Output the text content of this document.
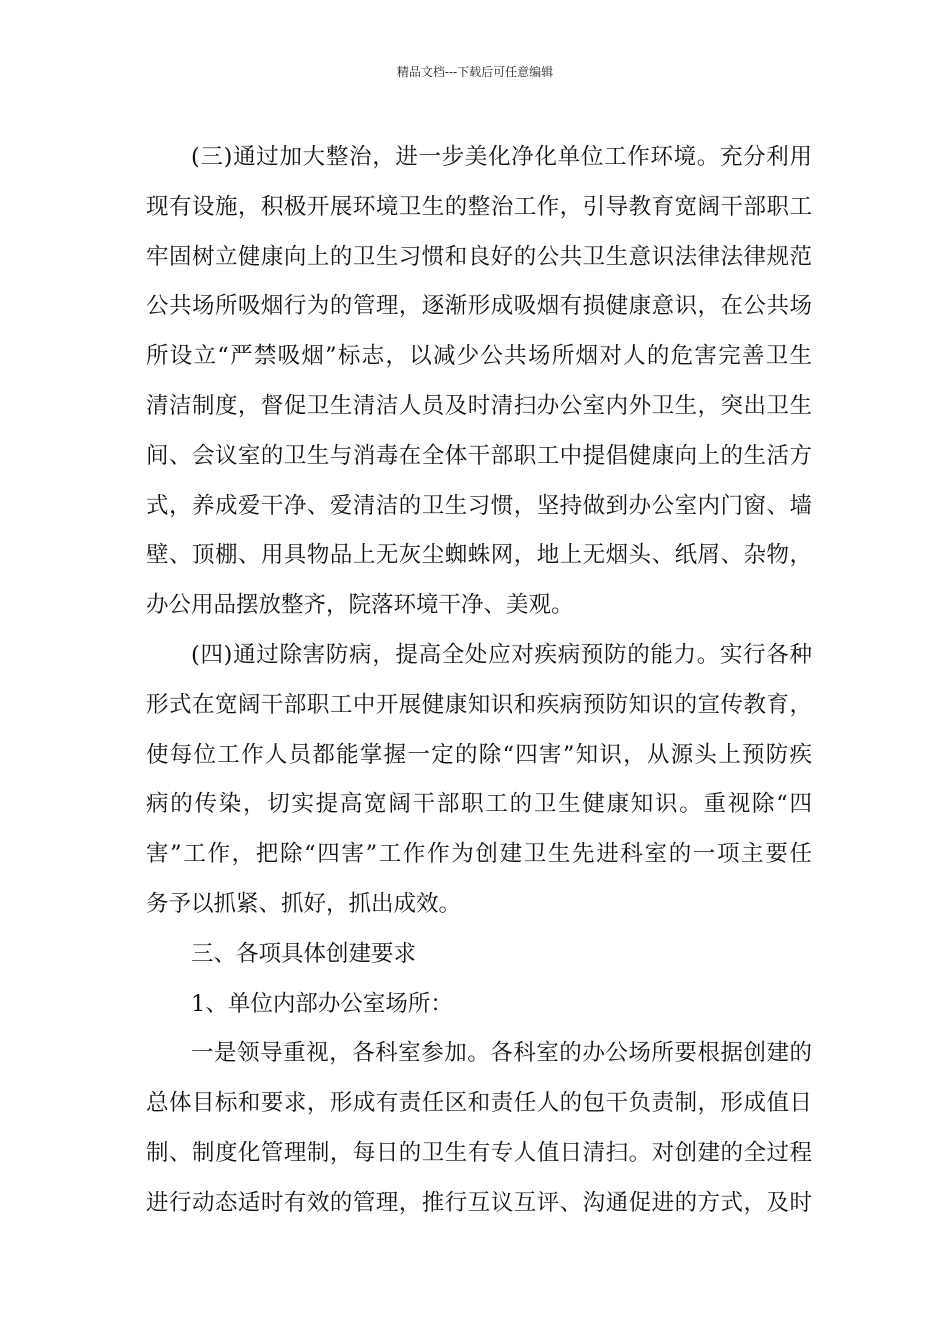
精品文档---下载后可任意编辑
(三)通过加大整治，进一步美化净化单位工作环境。充分利用
现有设施，积极开展环境卫生的整治工作，引导教育宽阔干部职工
牢固树立健康向上的卫生习惯和良好的公共卫生意识法律法律规范
公共场所吸烟行为的管理，逐渐形成吸烟有损健康意识，在公共场
所设立“严禁吸烟”标志，以减少公共场所烟对人的危害完善卫生
清洁制度，督促卫生清洁人员及时清扫办公室内外卫生，突出卫生
间、会议室的卫生与消毒在全体干部职工中提倡健康向上的生活方
式，养成爱干净、爱清洁的卫生习惯，坚持做到办公室内门窗、墙
壁、顶棚、用具物品上无灰尘蜘蛛网，地上无烟头、纸屑、杂物，
办公用品摆放整齐，院落环境干净、美观。
(四)通过除害防病，提高全处应对疾病预防的能力。实行各种
形式在宽阔干部职工中开展健康知识和疾病预防知识的宣传教育，
使每位工作人员都能掌握一定的除“四害”知识，从源头上预防疾
病的传染，切实提高宽阔干部职工的卫生健康知识。重视除“四
害”工作，把除“四害”工作作为创建卫生先进科室的一项主要任
务予以抓紧、抓好，抓出成效。
三、各项具体创建要求
1、单位内部办公室场所：
一是领导重视，各科室参加。各科室的办公场所要根据创建的
总体目标和要求，形成有责任区和责任人的包干负责制，形成值日
制、制度化管理制，每日的卫生有专人值日清扫。对创建的全过程
进行动态适时有效的管理，推行互议互评、沟通促进的方式，及时
